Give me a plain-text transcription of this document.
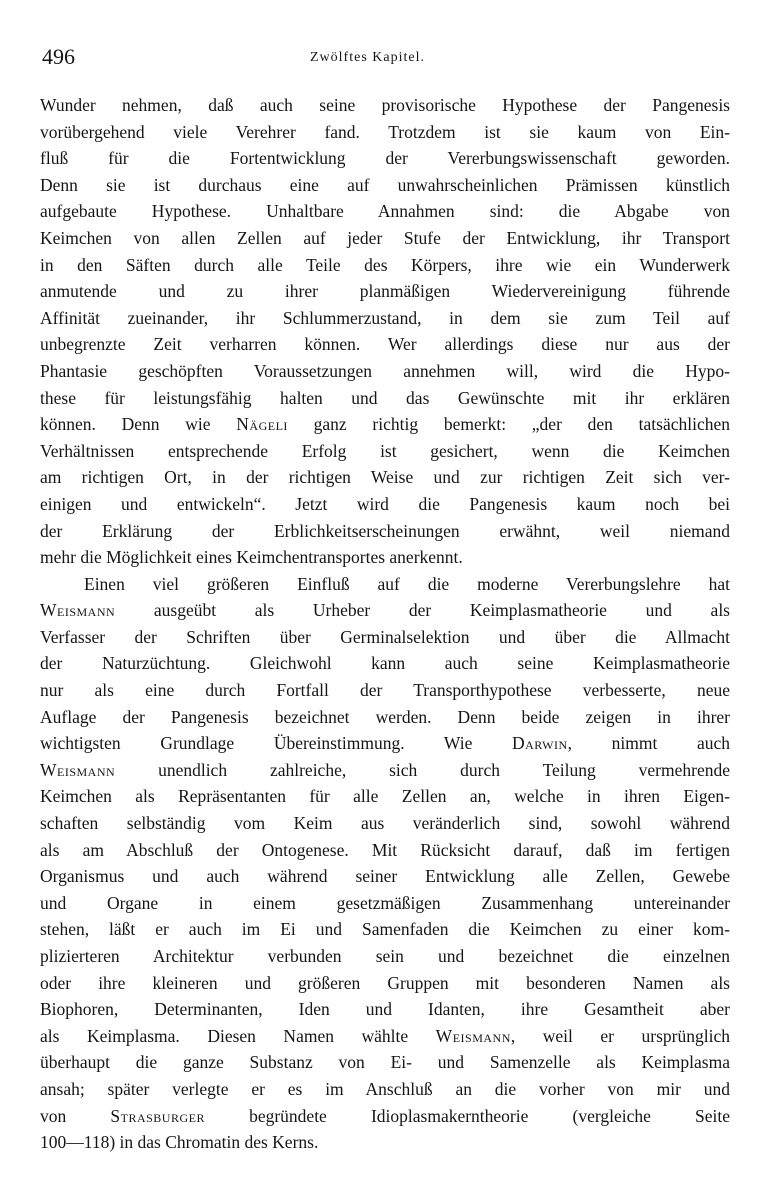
496	Zwölftes Kapitel.
Wunder nehmen, daß auch seine provisorische Hypothese der Pangenesis
vorübergehend viele Verehrer fand. Trotzdem ist sie kaum von Ein-
fluß für die Fortentwicklung der Vererbungswissenschaft geworden.
Denn sie ist durchaus eine auf unwahrscheinlichen Prämissen künstlich
aufgebaute Hypothese. Unhaltbare Annahmen sind: die Abgabe von
Keimchen von allen Zellen auf jeder Stufe der Entwicklung, ihr Transport
in den Säften durch alle Teile des Körpers, ihre wie ein Wunderwerk
anmutende und zu ihrer planmäßigen Wiedervereinigung führende
Affinität zueinander, ihr Schlummerzustand, in dem sie zum Teil auf
unbegrenzte Zeit verharren können. Wer allerdings diese nur aus der
Phantasie geschöpften Voraussetzungen annehmen will, wird die Hypo-
these für leistungsfähig halten und das Gewünschte mit ihr erklären
können. Denn wie Nägeli ganz richtig bemerkt: „der den tatsächlichen
Verhältnissen entsprechende Erfolg ist gesichert, wenn die Keimchen
am richtigen Ort, in der richtigen Weise und zur richtigen Zeit sich ver-
einigen und entwickeln“. Jetzt wird die Pangenesis kaum noch bei
der Erklärung der Erblichkeitserscheinungen erwähnt, weil niemand
mehr die Möglichkeit eines Keimchentransportes anerkennt.
Einen viel größeren Einfluß auf die moderne Vererbungslehre hat
Weismann ausgeübt als Urheber der Keimplasmatheorie und als
Verfasser der Schriften über Germinalselektion und über die Allmacht
der Naturzüchtung. Gleichwohl kann auch seine Keimplasmatheorie
nur als eine durch Fortfall der Transporthypothese verbesserte, neue
Auflage der Pangenesis bezeichnet werden. Denn beide zeigen in ihrer
wichtigsten Grundlage Übereinstimmung. Wie Darwin, nimmt auch
Weismann unendlich zahlreiche, sich durch Teilung vermehrende
Keimchen als Repräsentanten für alle Zellen an, welche in ihren Eigen-
schaften selbständig vom Keim aus veränderlich sind, sowohl während
als am Abschluß der Ontogenese. Mit Rücksicht darauf, daß im fertigen
Organismus und auch während seiner Entwicklung alle Zellen, Gewebe
und Organe in einem gesetzmäßigen Zusammenhang untereinander
stehen, läßt er auch im Ei und Samenfaden die Keimchen zu einer kom-
plizierteren Architektur verbunden sein und bezeichnet die einzelnen
oder ihre kleineren und größeren Gruppen mit besonderen Namen als
Biophoren, Determinanten, Iden und Idanten, ihre Gesamtheit aber
als Keimplasma. Diesen Namen wählte Weismann, weil er ursprünglich
überhaupt die ganze Substanz von Ei- und Samenzelle als Keimplasma
ansah; später verlegte er es im Anschluß an die vorher von mir und
von Strasburger begründete Idioplasmakerntheorie (vergleiche Seite
100—118) in das Chromatin des Kerns.
